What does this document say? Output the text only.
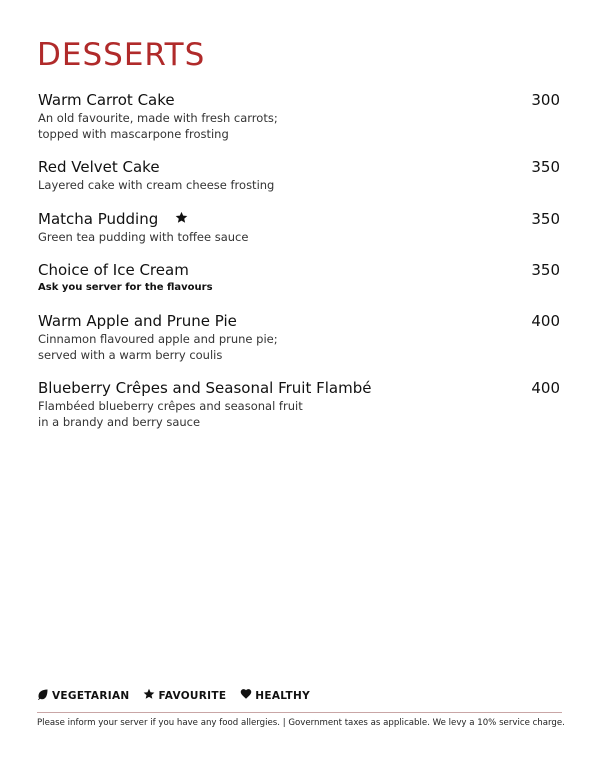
DESSERTS
Warm Carrot Cake	300
An old favourite, made with fresh carrots;
topped with mascarpone frosting
Red Velvet Cake	350
Layered cake with cream cheese frosting
Matcha Pudding	350
Green tea pudding with toffee sauce
Choice of Ice Cream	350
Ask you server for the flavours
Warm Apple and Prune Pie	400
Cinnamon flavoured apple and prune pie;
served with a warm berry coulis
Blueberry Crêpes and Seasonal Fruit Flambé	400
Flambéed blueberry crêpes and seasonal fruit
in a brandy and berry sauce
VEGETARIAN	FAVOURITE	HEALTHY
Please inform your server if you have any food allergies. | Government taxes as applicable. We levy a 10% service charge.
